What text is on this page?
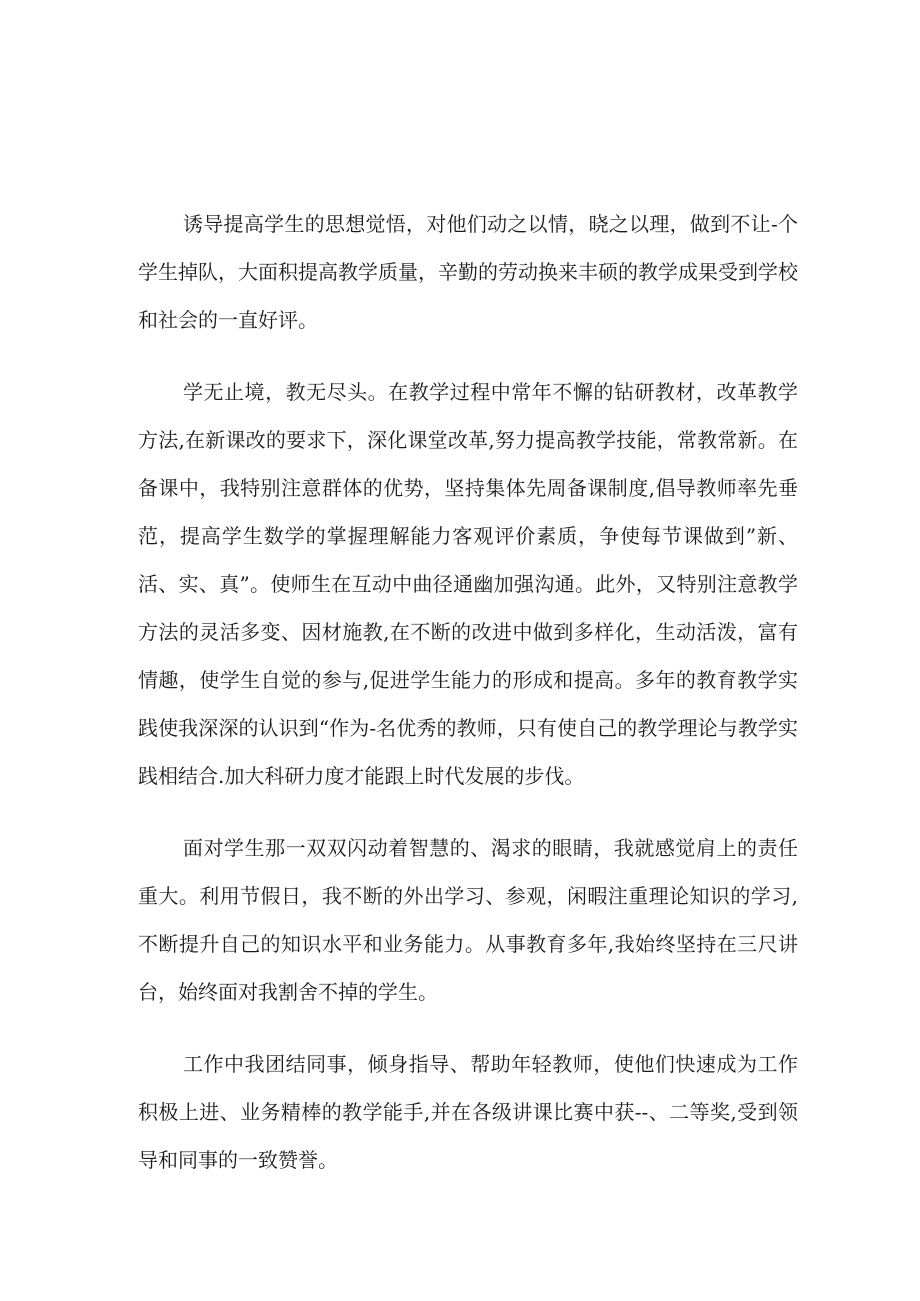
诱导提高学生的思想觉悟，对他们动之以情，晓之以理，做到不让-个学生掉队，大面积提高教学质量，辛勤的劳动换来丰硕的教学成果受到学校和社会的一直好评。

学无止境，教无尽头。在教学过程中常年不懈的钻研教材，改革教学方法,在新课改的要求下，深化课堂改革,努力提高教学技能，常教常新。在备课中，我特别注意群体的优势，坚持集体先周备课制度,倡导教师率先垂范，提高学生数学的掌握理解能力客观评价素质，争使每节课做到”新、活、实、真”。使师生在互动中曲径通幽加强沟通。此外，又特别注意教学方法的灵活多变、因材施教,在不断的改进中做到多样化，生动活泼，富有情趣，使学生自觉的参与,促进学生能力的形成和提高。多年的教育教学实践使我深深的认识到“作为-名优秀的教师，只有使自己的教学理论与教学实践相结合.加大科研力度才能跟上时代发展的步伐。

面对学生那一双双闪动着智慧的、渴求的眼睛，我就感觉肩上的责任重大。利用节假日，我不断的外出学习、参观，闲暇注重理论知识的学习,不断提升自己的知识水平和业务能力。从事教育多年,我始终坚持在三尺讲台，始终面对我割舍不掉的学生。

工作中我团结同事，倾身指导、帮助年轻教师，使他们快速成为工作积极上进、业务精棒的教学能手,并在各级讲课比赛中获--、二等奖,受到领导和同事的一致赞誉。
